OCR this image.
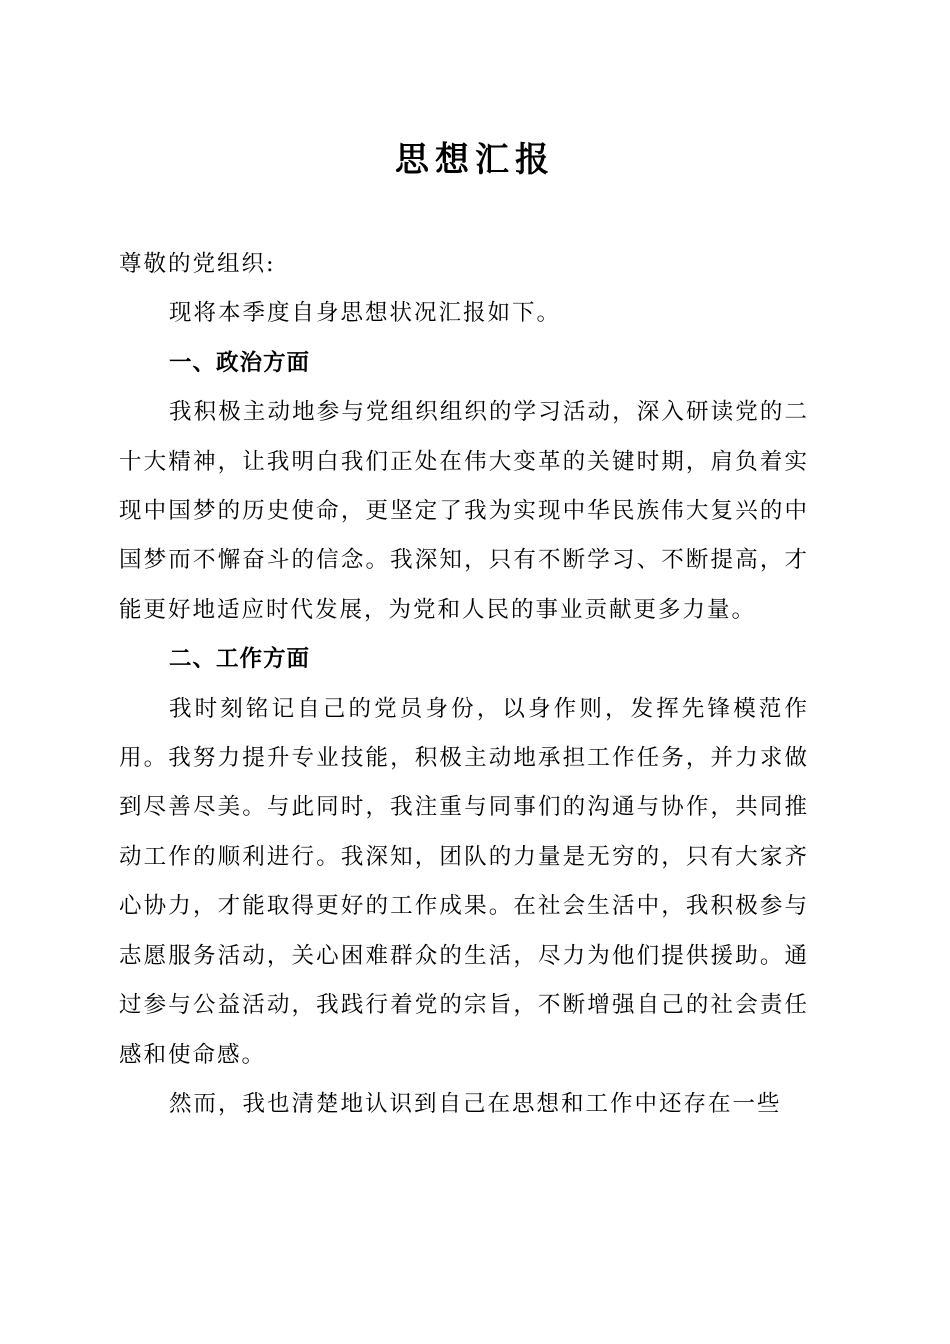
思想汇报

尊敬的党组织:

现将本季度自身思想状况汇报如下。

一、政治方面

我积极主动地参与党组织组织的学习活动，深入研读党的二十大精神，让我明白我们正处在伟大变革的关键时期，肩负着实现中国梦的历史使命，更坚定了我为实现中华民族伟大复兴的中国梦而不懈奋斗的信念。我深知，只有不断学习、不断提高，才能更好地适应时代发展，为党和人民的事业贡献更多力量。

二、工作方面

我时刻铭记自己的党员身份，以身作则，发挥先锋模范作用。我努力提升专业技能，积极主动地承担工作任务，并力求做到尽善尽美。与此同时，我注重与同事们的沟通与协作，共同推动工作的顺利进行。我深知，团队的力量是无穷的，只有大家齐心协力，才能取得更好的工作成果。在社会生活中，我积极参与志愿服务活动，关心困难群众的生活，尽力为他们提供援助。通过参与公益活动，我践行着党的宗旨，不断增强自己的社会责任感和使命感。

然而，我也清楚地认识到自己在思想和工作中还存在一些
